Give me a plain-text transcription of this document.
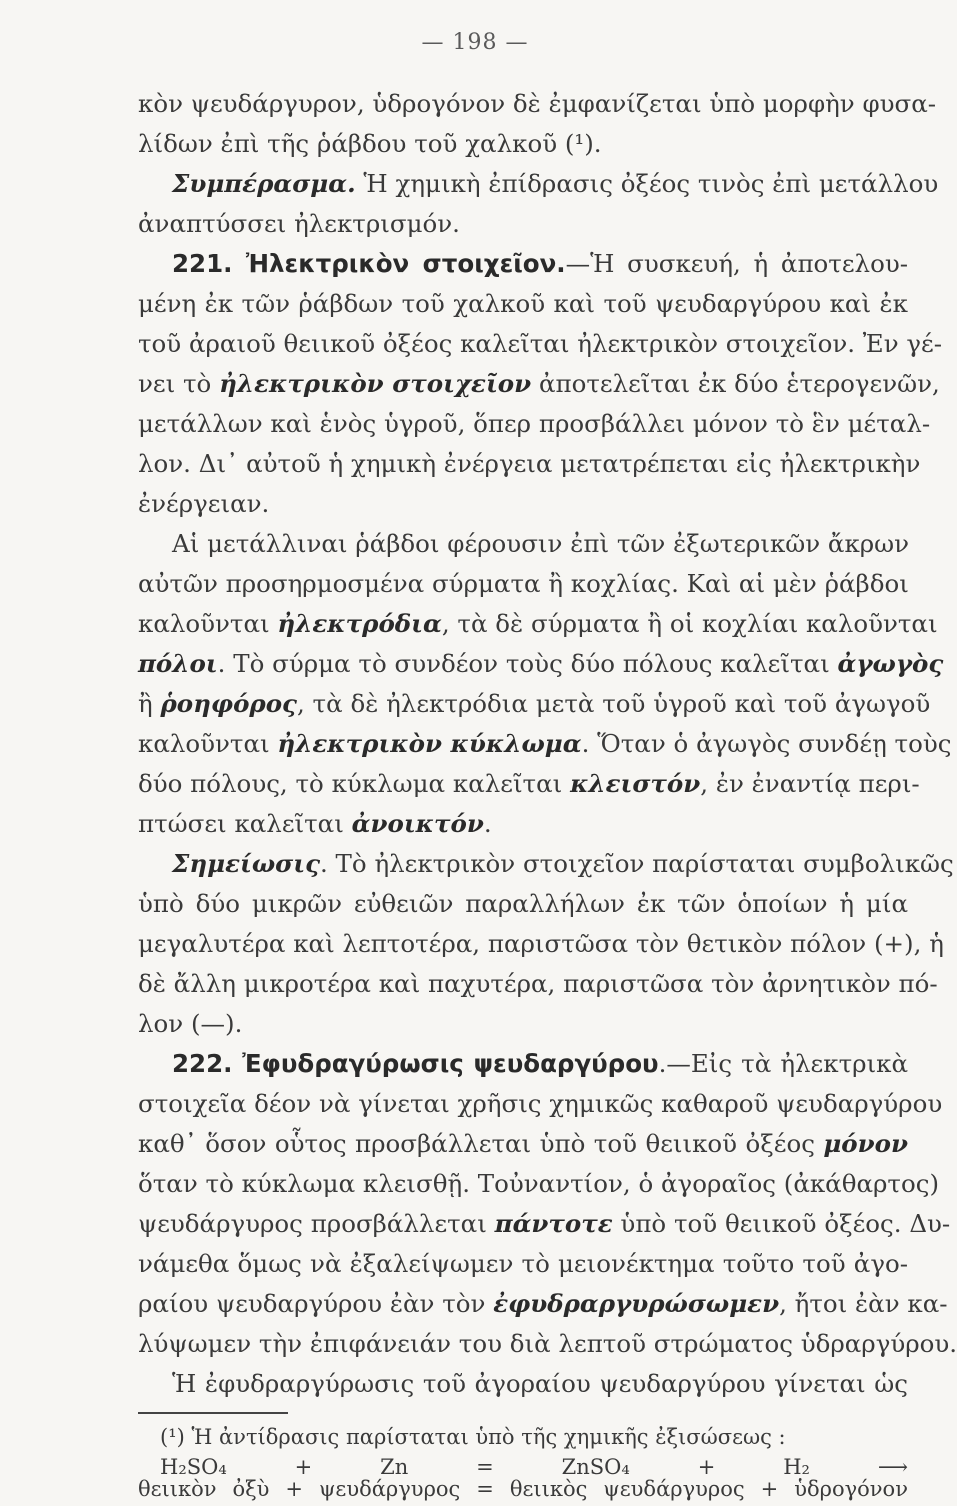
— 198 —
κὸν ψευδάργυρον, ὑδρογόνον δὲ ἐμφανίζεται ὑπὸ μορφὴν φυσα-
λίδων ἐπὶ τῆς ῥάβδου τοῦ χαλκοῦ (¹).
Συμπέρασμα. Ἡ χημικὴ ἐπίδρασις ὀξέος τινὸς ἐπὶ μετάλλου
ἀναπτύσσει ἠλεκτρισμόν.
221. Ἠλεκτρικὸν στοιχεῖον.—Ἡ συσκευή, ἡ ἀποτελου-
μένη ἐκ τῶν ῥάβδων τοῦ χαλκοῦ καὶ τοῦ ψευδαργύρου καὶ ἐκ
τοῦ ἀραιοῦ θειικοῦ ὀξέος καλεῖται ἠλεκτρικὸν στοιχεῖον. Ἐν γέ-
νει τὸ ἠλεκτρικὸν στοιχεῖον ἀποτελεῖται ἐκ δύο ἑτερογενῶν,
μετάλλων καὶ ἑνὸς ὑγροῦ, ὅπερ προσβάλλει μόνον τὸ ἓν μέταλ-
λον. Δι᾽ αὐτοῦ ἡ χημικὴ ἐνέργεια μετατρέπεται εἰς ἠλεκτρικὴν
ἐνέργειαν.
Αἱ μετάλλιναι ῥάβδοι φέρουσιν ἐπὶ τῶν ἐξωτερικῶν ἄκρων
αὐτῶν προσηρμοσμένα σύρματα ἢ κοχλίας. Καὶ αἱ μὲν ῥάβδοι
καλοῦνται ἠλεκτρόδια, τὰ δὲ σύρματα ἢ οἱ κοχλίαι καλοῦνται
πόλοι. Τὸ σύρμα τὸ συνδέον τοὺς δύο πόλους καλεῖται ἀγωγὸς
ἢ ῥοηφόρος, τὰ δὲ ἠλεκτρόδια μετὰ τοῦ ὑγροῦ καὶ τοῦ ἀγωγοῦ
καλοῦνται ἠλεκτρικὸν κύκλωμα. Ὅταν ὁ ἀγωγὸς συνδέῃ τοὺς
δύο πόλους, τὸ κύκλωμα καλεῖται κλειστόν, ἐν ἐναντίᾳ περι-
πτώσει καλεῖται ἀνοικτόν.
Σημείωσις. Τὸ ἠλεκτρικὸν στοιχεῖον παρίσταται συμβολικῶς
ὑπὸ δύο μικρῶν εὐθειῶν παραλλήλων ἐκ τῶν ὁποίων ἡ μία
μεγαλυτέρα καὶ λεπτοτέρα, παριστῶσα τὸν θετικὸν πόλον (+), ἡ
δὲ ἄλλη μικροτέρα καὶ παχυτέρα, παριστῶσα τὸν ἀρνητικὸν πό-
λον (—).
222. Ἐφυδραγύρωσις ψευδαργύρου.—Εἰς τὰ ἠλεκτρικὰ
στοιχεῖα δέον νὰ γίνεται χρῆσις χημικῶς καθαροῦ ψευδαργύρου
καθ᾽ ὅσον οὗτος προσβάλλεται ὑπὸ τοῦ θειικοῦ ὀξέος μόνον
ὅταν τὸ κύκλωμα κλεισθῇ. Τοὐναντίον, ὁ ἀγοραῖος (ἀκάθαρτος)
ψευδάργυρος προσβάλλεται πάντοτε ὑπὸ τοῦ θειικοῦ ὀξέος. Δυ-
νάμεθα ὅμως νὰ ἐξαλείψωμεν τὸ μειονέκτημα τοῦτο τοῦ ἀγο-
ραίου ψευδαργύρου ἐὰν τὸν ἐφυδραργυρώσωμεν, ἤτοι ἐὰν κα-
λύψωμεν τὴν ἐπιφάνειάν του διὰ λεπτοῦ στρώματος ὑδραργύρου.
Ἡ ἐφυδραργύρωσις τοῦ ἀγοραίου ψευδαργύρου γίνεται ὡς
(¹) Ἡ ἀντίδρασις παρίσταται ὑπὸ τῆς χημικῆς ἐξισώσεως :
H₂SO₄	+	Zn	=	ZnSO₄	+	H₂ ⟶
θειικὸν ὀξὺ + ψευδάργυρος = θειικὸς ψευδάργυρος + ὑδρογόνον
